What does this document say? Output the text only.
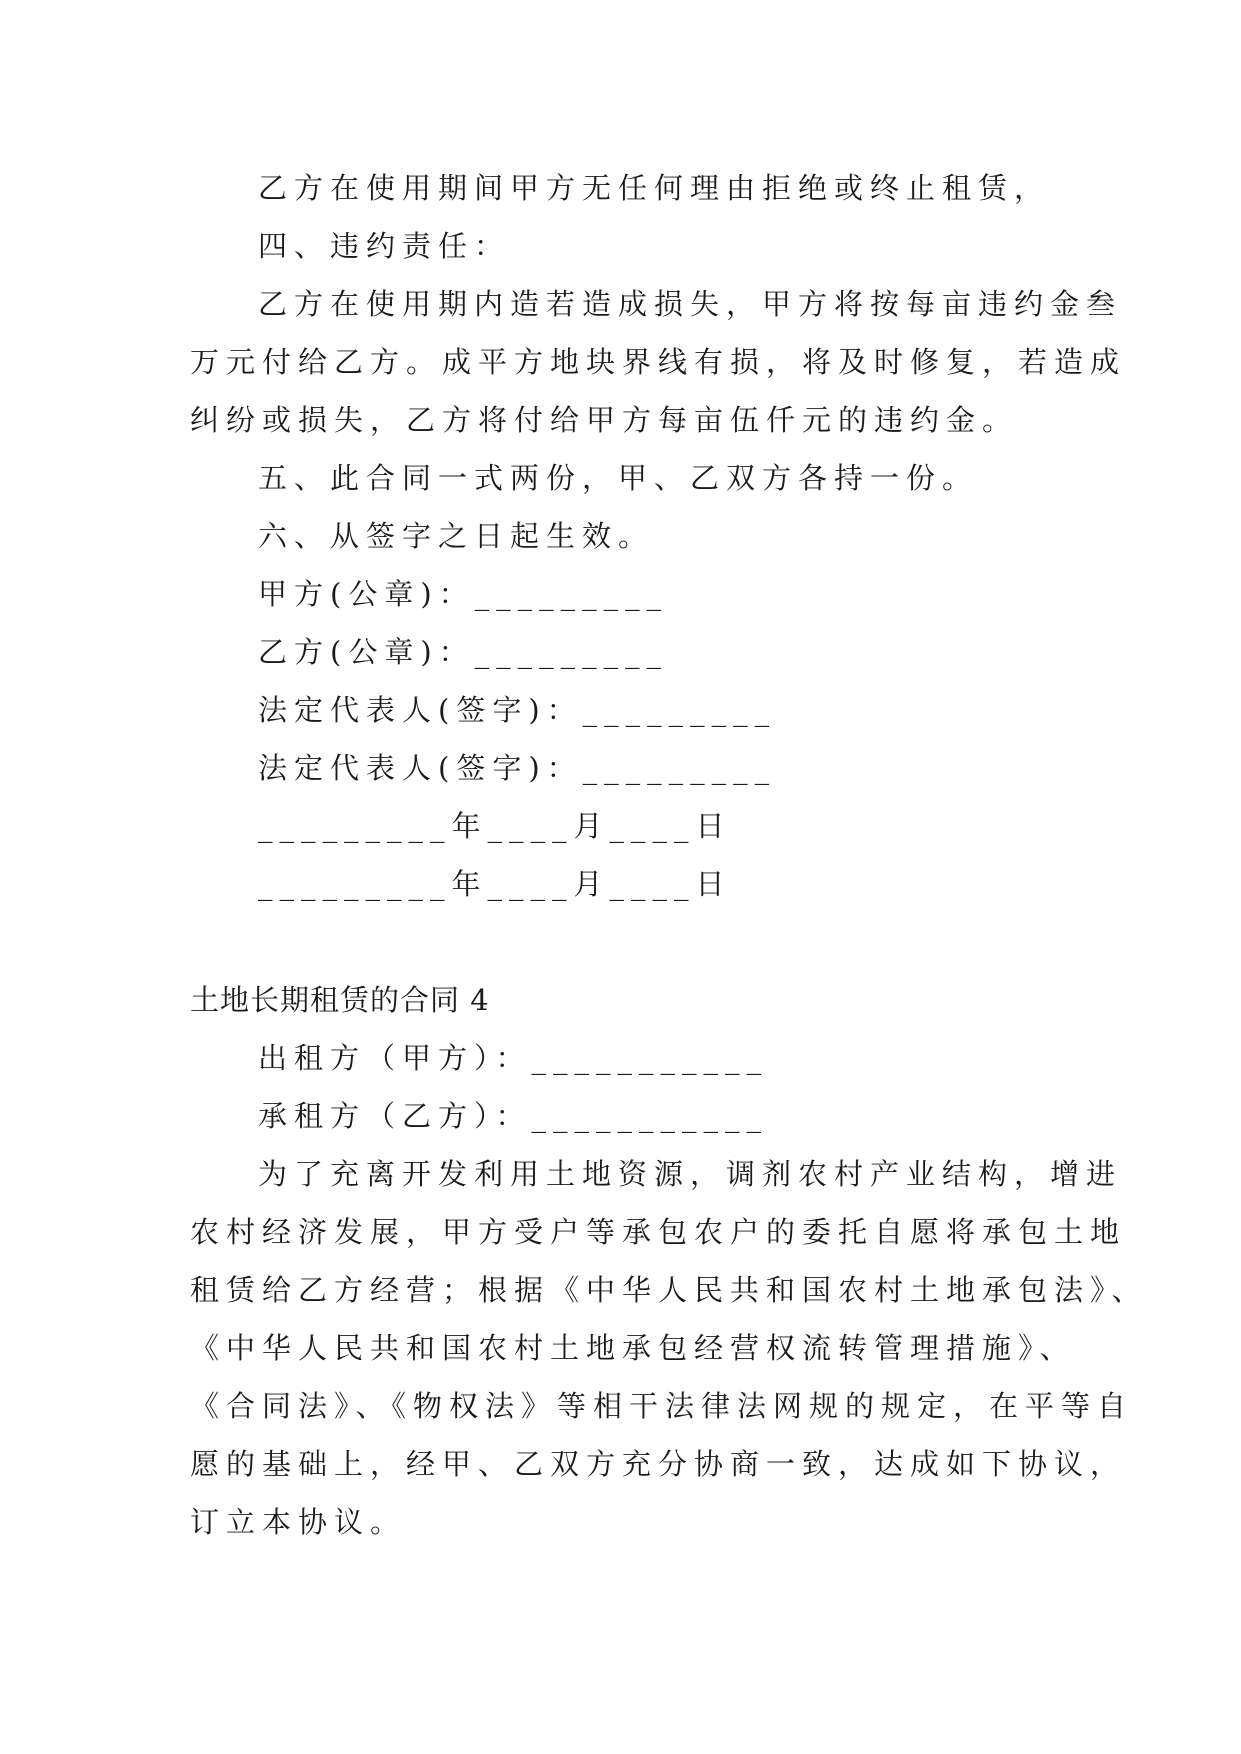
乙方在使用期间甲方无任何理由拒绝或终止租赁，
四、违约责任：
乙方在使用期内造若造成损失，甲方将按每亩违约金叁
万元付给乙方。成平方地块界线有损，将及时修复，若造成
纠纷或损失，乙方将付给甲方每亩伍仟元的违约金。
五、此合同一式两份，甲、乙双方各持一份。
六、从签字之日起生效。
甲方(公章)：_________
乙方(公章)：_________
法定代表人(签字)：_________
法定代表人(签字)：_________
_________年____月____日
_________年____月____日
土地长期租赁的合同 4
出租方（甲方）：___________
承租方（乙方）：___________
为了充离开发利用土地资源，调剂农村产业结构，增进
农村经济发展，甲方受户等承包农户的委托自愿将承包土地
租赁给乙方经营；根据《中华人民共和国农村土地承包法》、
《中华人民共和国农村土地承包经营权流转管理措施》、
《合同法》、《物权法》等相干法律法网规的规定，在平等自
愿的基础上，经甲、乙双方充分协商一致，达成如下协议，
订立本协议。
